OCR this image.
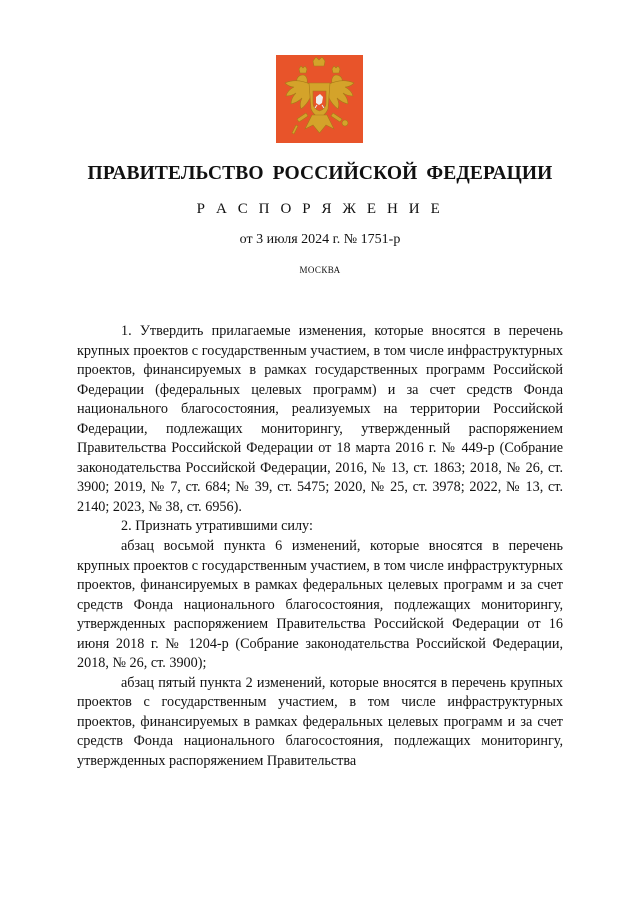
ПРАВИТЕЛЬСТВО РОССИЙСКОЙ ФЕДЕРАЦИИ
Р А С П О Р Я Ж Е Н И Е
от 3 июля 2024 г. № 1751-р
МОСКВА

1. Утвердить прилагаемые изменения, которые вносятся в перечень крупных проектов с государственным участием, в том числе инфраструктурных проектов, финансируемых в рамках государственных программ Российской Федерации (федеральных целевых программ) и за счет средств Фонда национального благосостояния, реализуемых на территории Российской Федерации, подлежащих мониторингу, утвержденный распоряжением Правительства Российской Федерации от 18 марта 2016 г. № 449-р (Собрание законодательства Российской Федерации, 2016, № 13, ст. 1863; 2018, № 26, ст. 3900; 2019, № 7, ст. 684; № 39, ст. 5475; 2020, № 25, ст. 3978; 2022, № 13, ст. 2140; 2023, № 38, ст. 6956).

2. Признать утратившими силу:

абзац восьмой пункта 6 изменений, которые вносятся в перечень крупных проектов с государственным участием, в том числе инфраструктурных проектов, финансируемых в рамках федеральных целевых программ и за счет средств Фонда национального благосостояния, подлежащих мониторингу, утвержденных распоряжением Правительства Российской Федерации от 16 июня 2018 г. № 1204-р (Собрание законодательства Российской Федерации, 2018, № 26, ст. 3900);

абзац пятый пункта 2 изменений, которые вносятся в перечень крупных проектов с государственным участием, в том числе инфраструктурных проектов, финансируемых в рамках федеральных целевых программ и за счет средств Фонда национального благосостояния, подлежащих мониторингу, утвержденных распоряжением Правительства
